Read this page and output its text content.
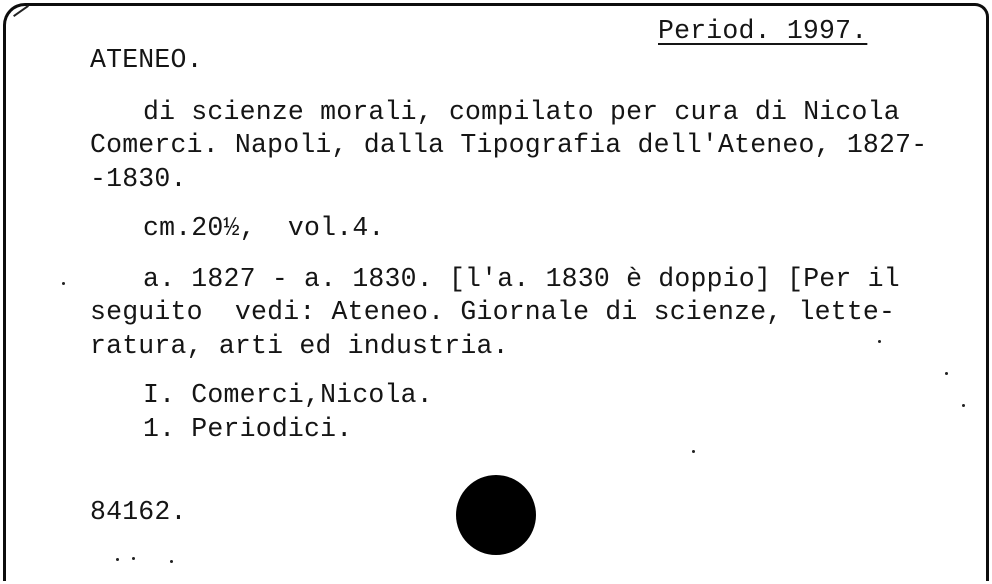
Period. 1997.
ATENEO.
di scienze morali, compilato per cura di Nicola
Comerci. Napoli, dalla Tipografia dell'Ateneo, 1827-
-1830.
cm.20½,  vol.4.
a. 1827 - a. 1830. [l'a. 1830 è doppio] [Per il
seguito  vedi: Ateneo. Giornale di scienze, lette-
ratura, arti ed industria.
I. Comerci,Nicola.
1. Periodici.
84162.
